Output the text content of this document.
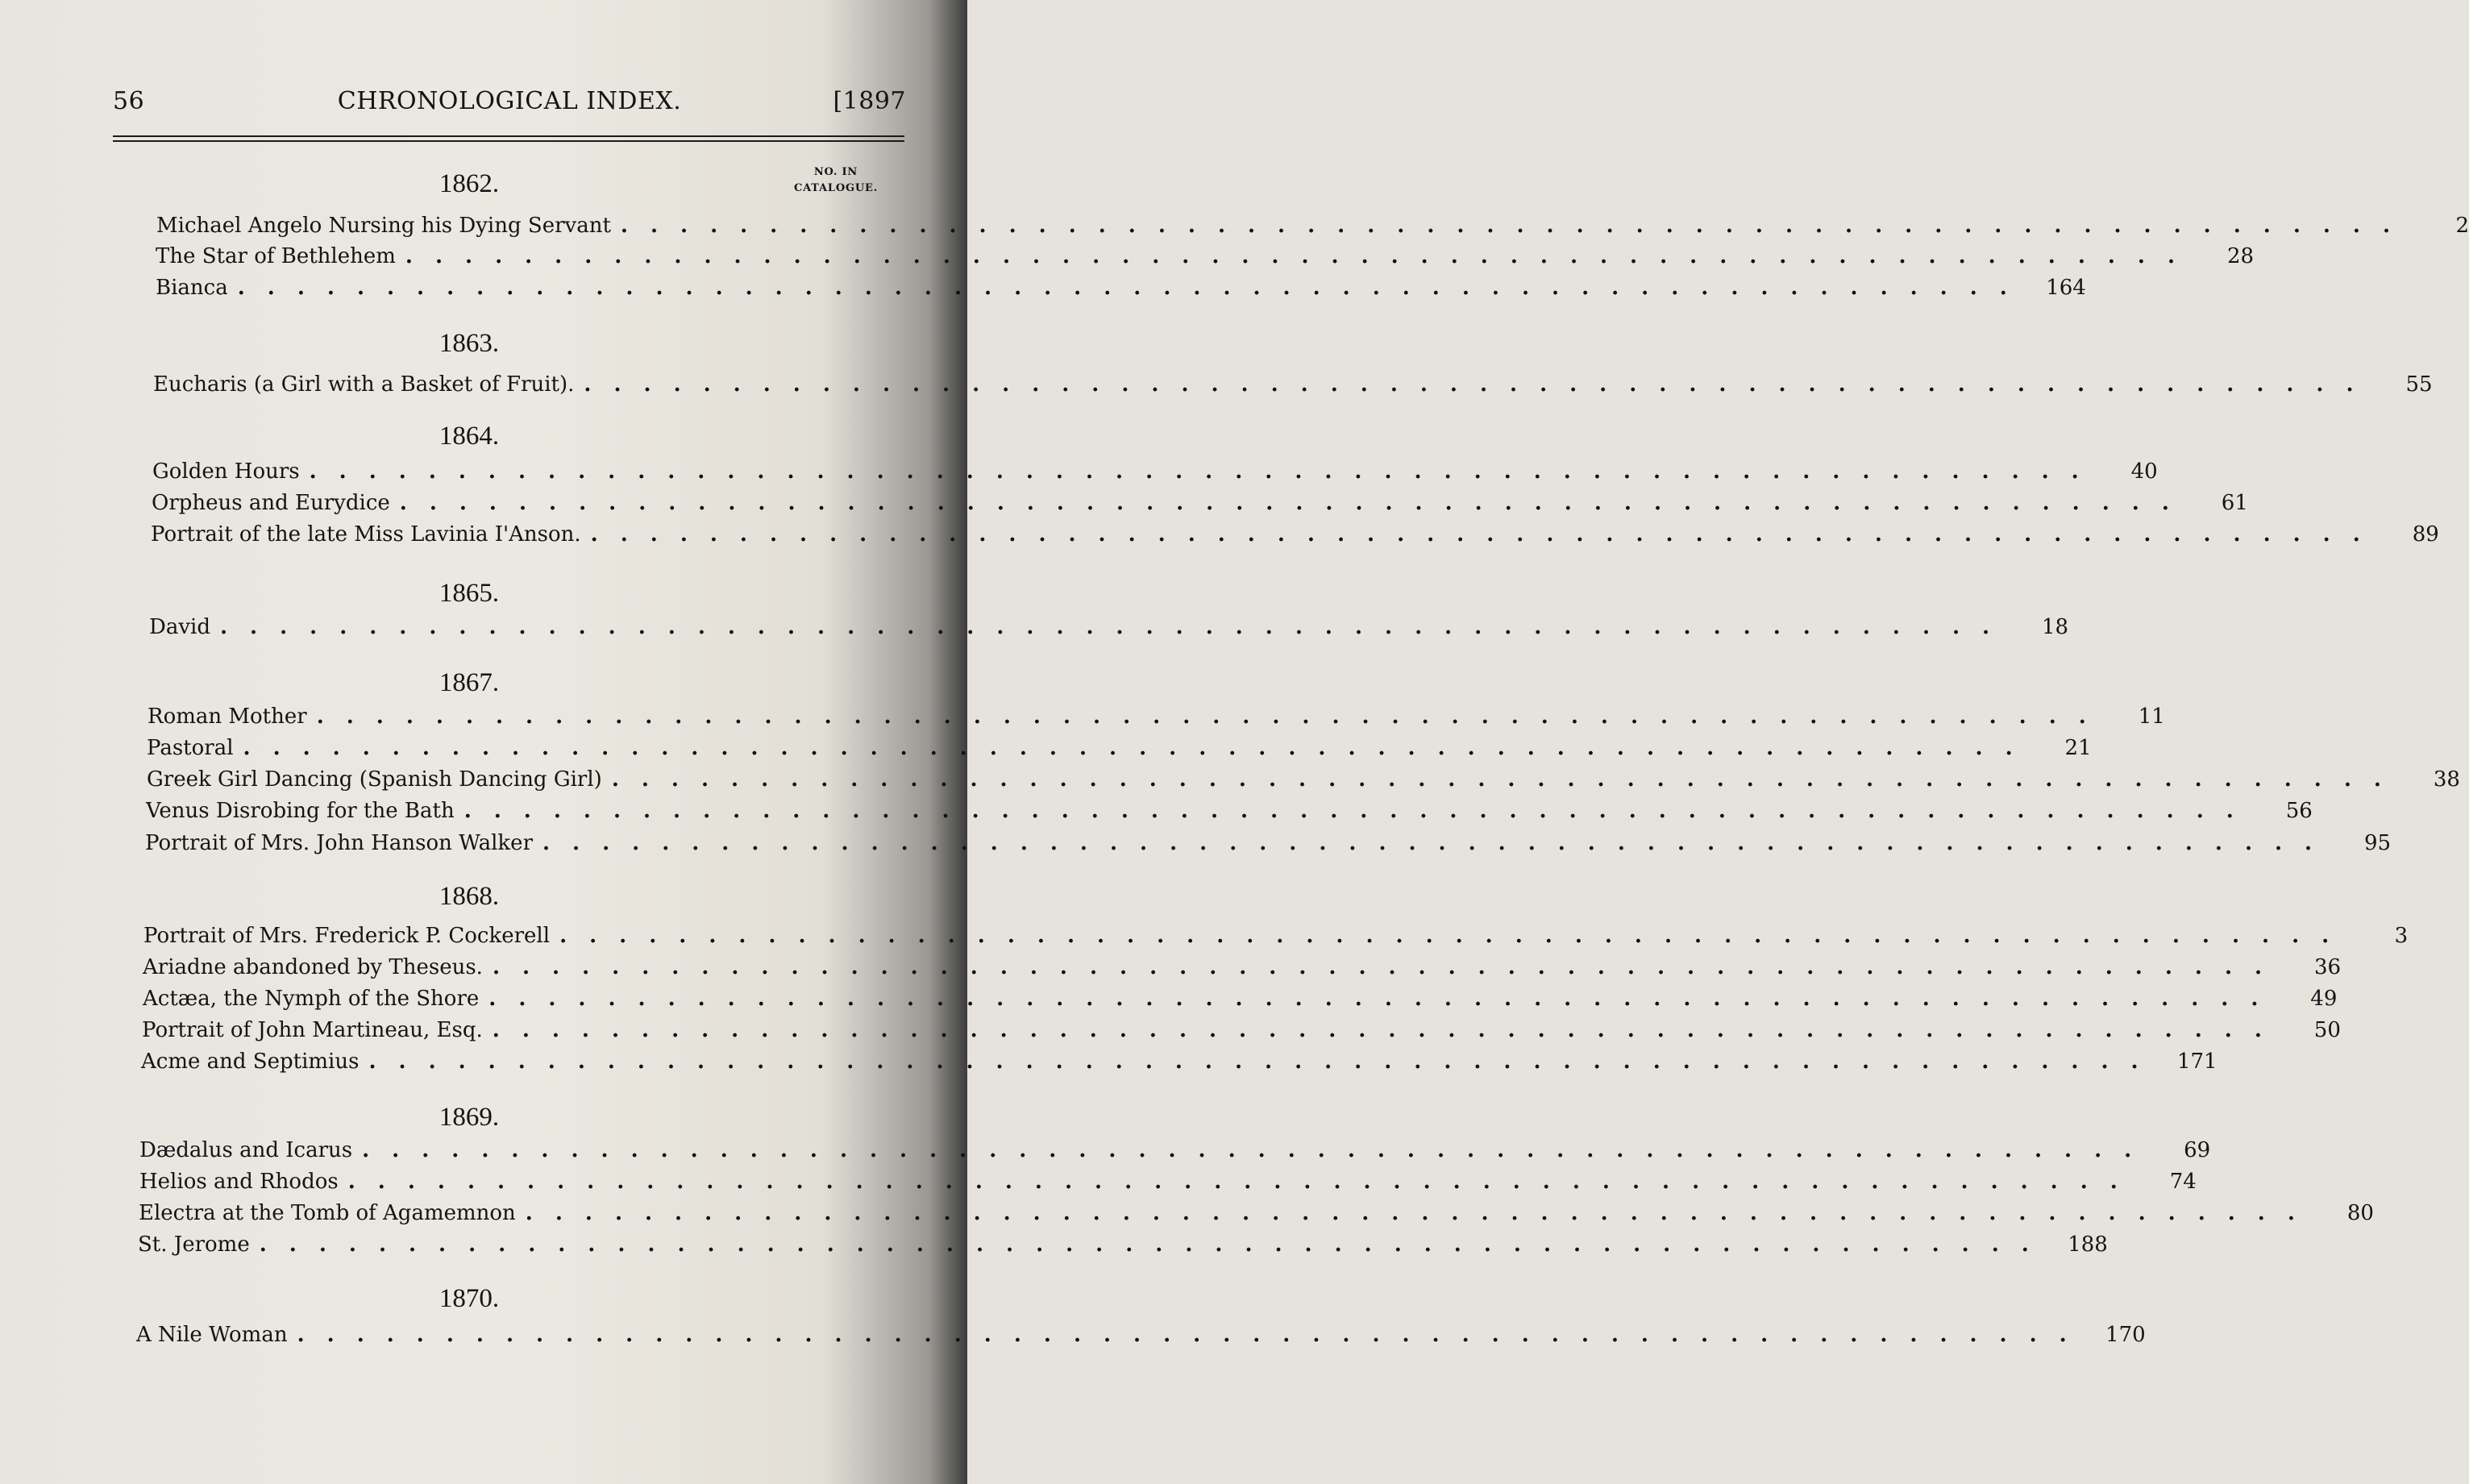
56	CHRONOLOGICAL INDEX.	[1897
NO. IN
CATALOGUE.
1862.
Michael Angelo Nursing his Dying Servant ............................................................	2
The Star of Bethlehem ............................................................	28
Bianca ............................................................ 164
1863.
Eucharis (a Girl with a Basket of Fruit). ............................................................	55
1864.
Golden Hours ............................................................	40
Orpheus and Eurydice ............................................................	61
Portrait of the late Miss Lavinia I'Anson. ............................................................	89
1865.
David ............................................................	18
1867.
Roman Mother ............................................................	11
Pastoral ............................................................	21
Greek Girl Dancing (Spanish Dancing Girl) ............................................................	38
Venus Disrobing for the Bath ............................................................	56
Portrait of Mrs. John Hanson Walker ............................................................	95
1868.
Portrait of Mrs. Frederick P. Cockerell ............................................................	3
Ariadne abandoned by Theseus. ............................................................	36
Actæa, the Nymph of the Shore ............................................................	49
Portrait of John Martineau, Esq. ............................................................	50
Acme and Septimius ............................................................ 171
1869.
Dædalus and Icarus ............................................................	69
Helios and Rhodos ............................................................	74
Electra at the Tomb of Agamemnon ............................................................	80
St. Jerome ............................................................ 188
1870.
A Nile Woman ............................................................ 170
